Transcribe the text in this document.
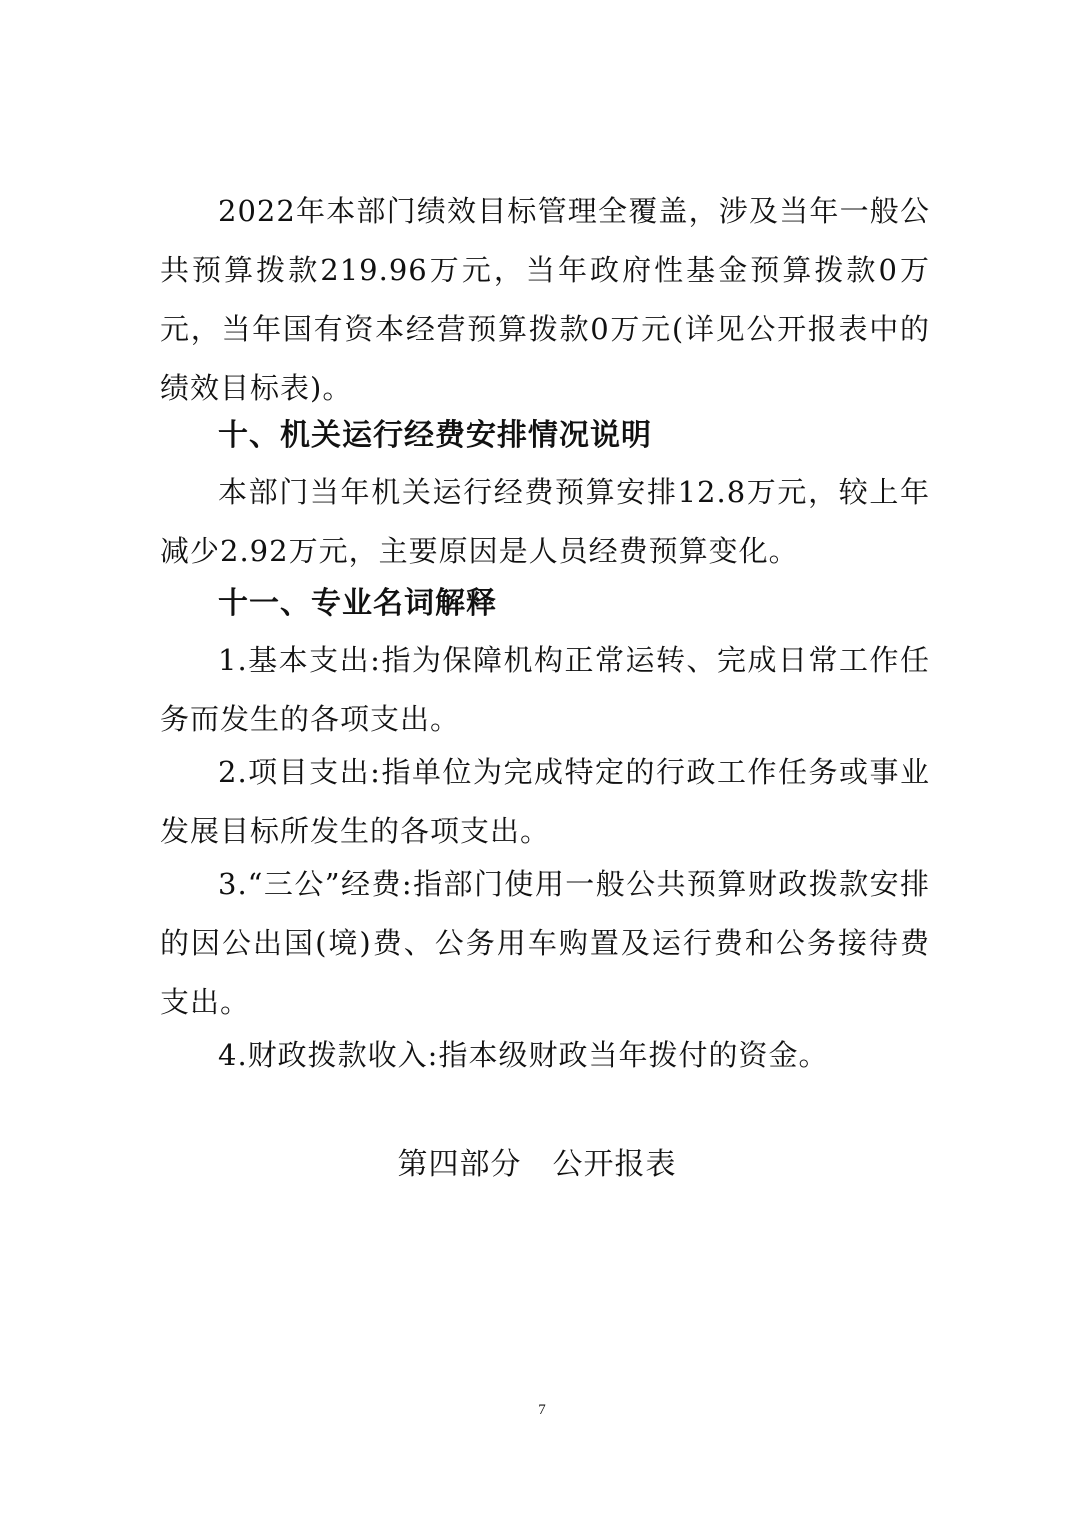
2022年本部门绩效目标管理全覆盖，涉及当年一般公共预算拨款219.96万元，当年政府性基金预算拨款0万元，当年国有资本经营预算拨款0万元(详见公开报表中的绩效目标表)。

十、机关运行经费安排情况说明

本部门当年机关运行经费预算安排12.8万元，较上年减少2.92万元，主要原因是人员经费预算变化。

十一、专业名词解释

1.基本支出:指为保障机构正常运转、完成日常工作任务而发生的各项支出。

2.项目支出:指单位为完成特定的行政工作任务或事业发展目标所发生的各项支出。

3.“三公”经费:指部门使用一般公共预算财政拨款安排的因公出国(境)费、公务用车购置及运行费和公务接待费支出。

4.财政拨款收入:指本级财政当年拨付的资金。

第四部分　公开报表

7
